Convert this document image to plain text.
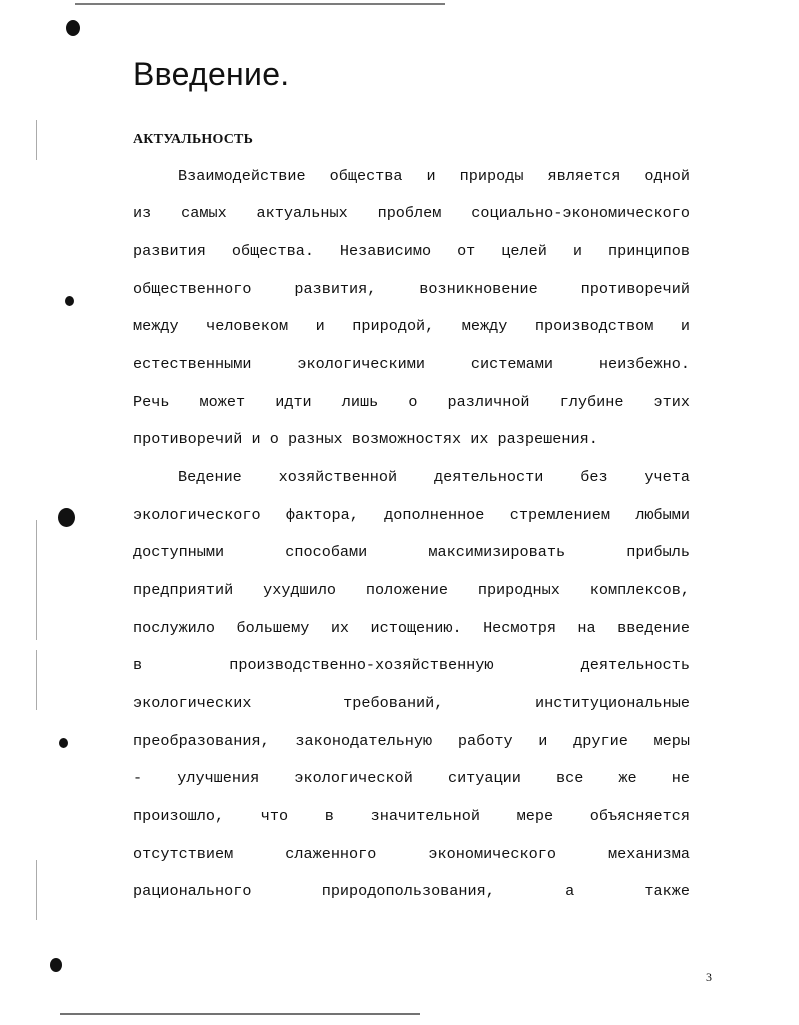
Введение.
АКТУАЛЬНОСТЬ
Взаимодействие общества и природы является одной
из самых актуальных проблем социально-экономического
развития общества. Независимо от целей и принципов
общественного развития, возникновение противоречий
между человеком и природой, между производством и
естественными экологическими системами неизбежно.
Речь может идти лишь о различной глубине этих
противоречий и о разных возможностях их разрешения.
Ведение хозяйственной деятельности без учета
экологического фактора, дополненное стремлением любыми
доступными способами максимизировать прибыль
предприятий ухудшило положение природных комплексов,
послужило большему их истощению. Несмотря на введение
в производственно-хозяйственную деятельность
экологических требований, институциональные
преобразования, законодательную работу и другие меры
- улучшения экологической ситуации все же не
произошло, что в значительной мере объясняется
отсутствием слаженного экономического механизма
рационального природопользования, а также
3
